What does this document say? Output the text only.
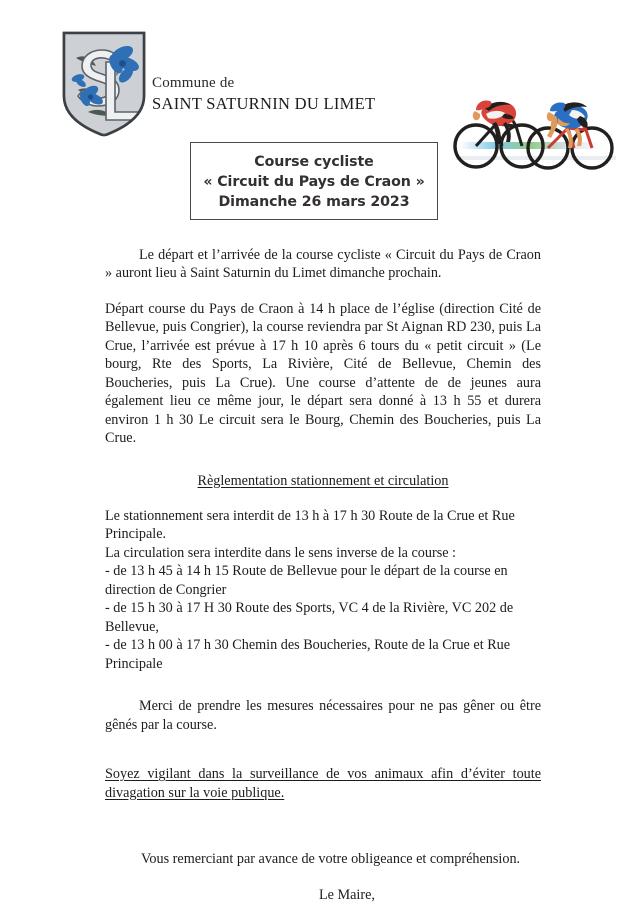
Commune de
SAINT SATURNIN DU LIMET
Course cycliste
« Circuit du Pays de Craon »
Dimanche 26 mars 2023

Le départ et l’arrivée de la course cycliste « Circuit du Pays de Craon » auront lieu à Saint Saturnin du Limet dimanche prochain.

Départ course du Pays de Craon à 14 h place de l’église (direction Cité de Bellevue, puis Congrier), la course reviendra par St Aignan RD 230, puis La Crue, l’arrivée est prévue à 17 h 10 après 6 tours du « petit circuit » (Le bourg, Rte des Sports, La Rivière, Cité de Bellevue, Chemin des Boucheries, puis La Crue). Une course d’attente de de jeunes aura également lieu ce même jour, le départ sera donné à 13 h 55 et durera environ 1 h 30 Le circuit sera le Bourg, Chemin des Boucheries, puis La Crue.

Règlementation stationnement et circulation

Le stationnement sera interdit de 13 h à 17 h 30 Route de la Crue et Rue Principale.

La circulation sera interdite dans le sens inverse de la course :

- de 13 h 45 à 14 h 15 Route de Bellevue pour le départ de la course en direction de Congrier

- de 15 h 30 à 17 H 30 Route des Sports, VC 4 de la Rivière, VC 202 de Bellevue,

- de 13 h 00 à 17 h 30 Chemin des Boucheries, Route de la Crue et Rue Principale

Merci de prendre les mesures nécessaires pour ne pas gêner ou être gênés par la course.

Soyez vigilant dans la surveillance de vos animaux afin d’éviter toute divagation sur la voie publique.

Vous remerciant par avance de votre obligeance et compréhension.

Le Maire,
